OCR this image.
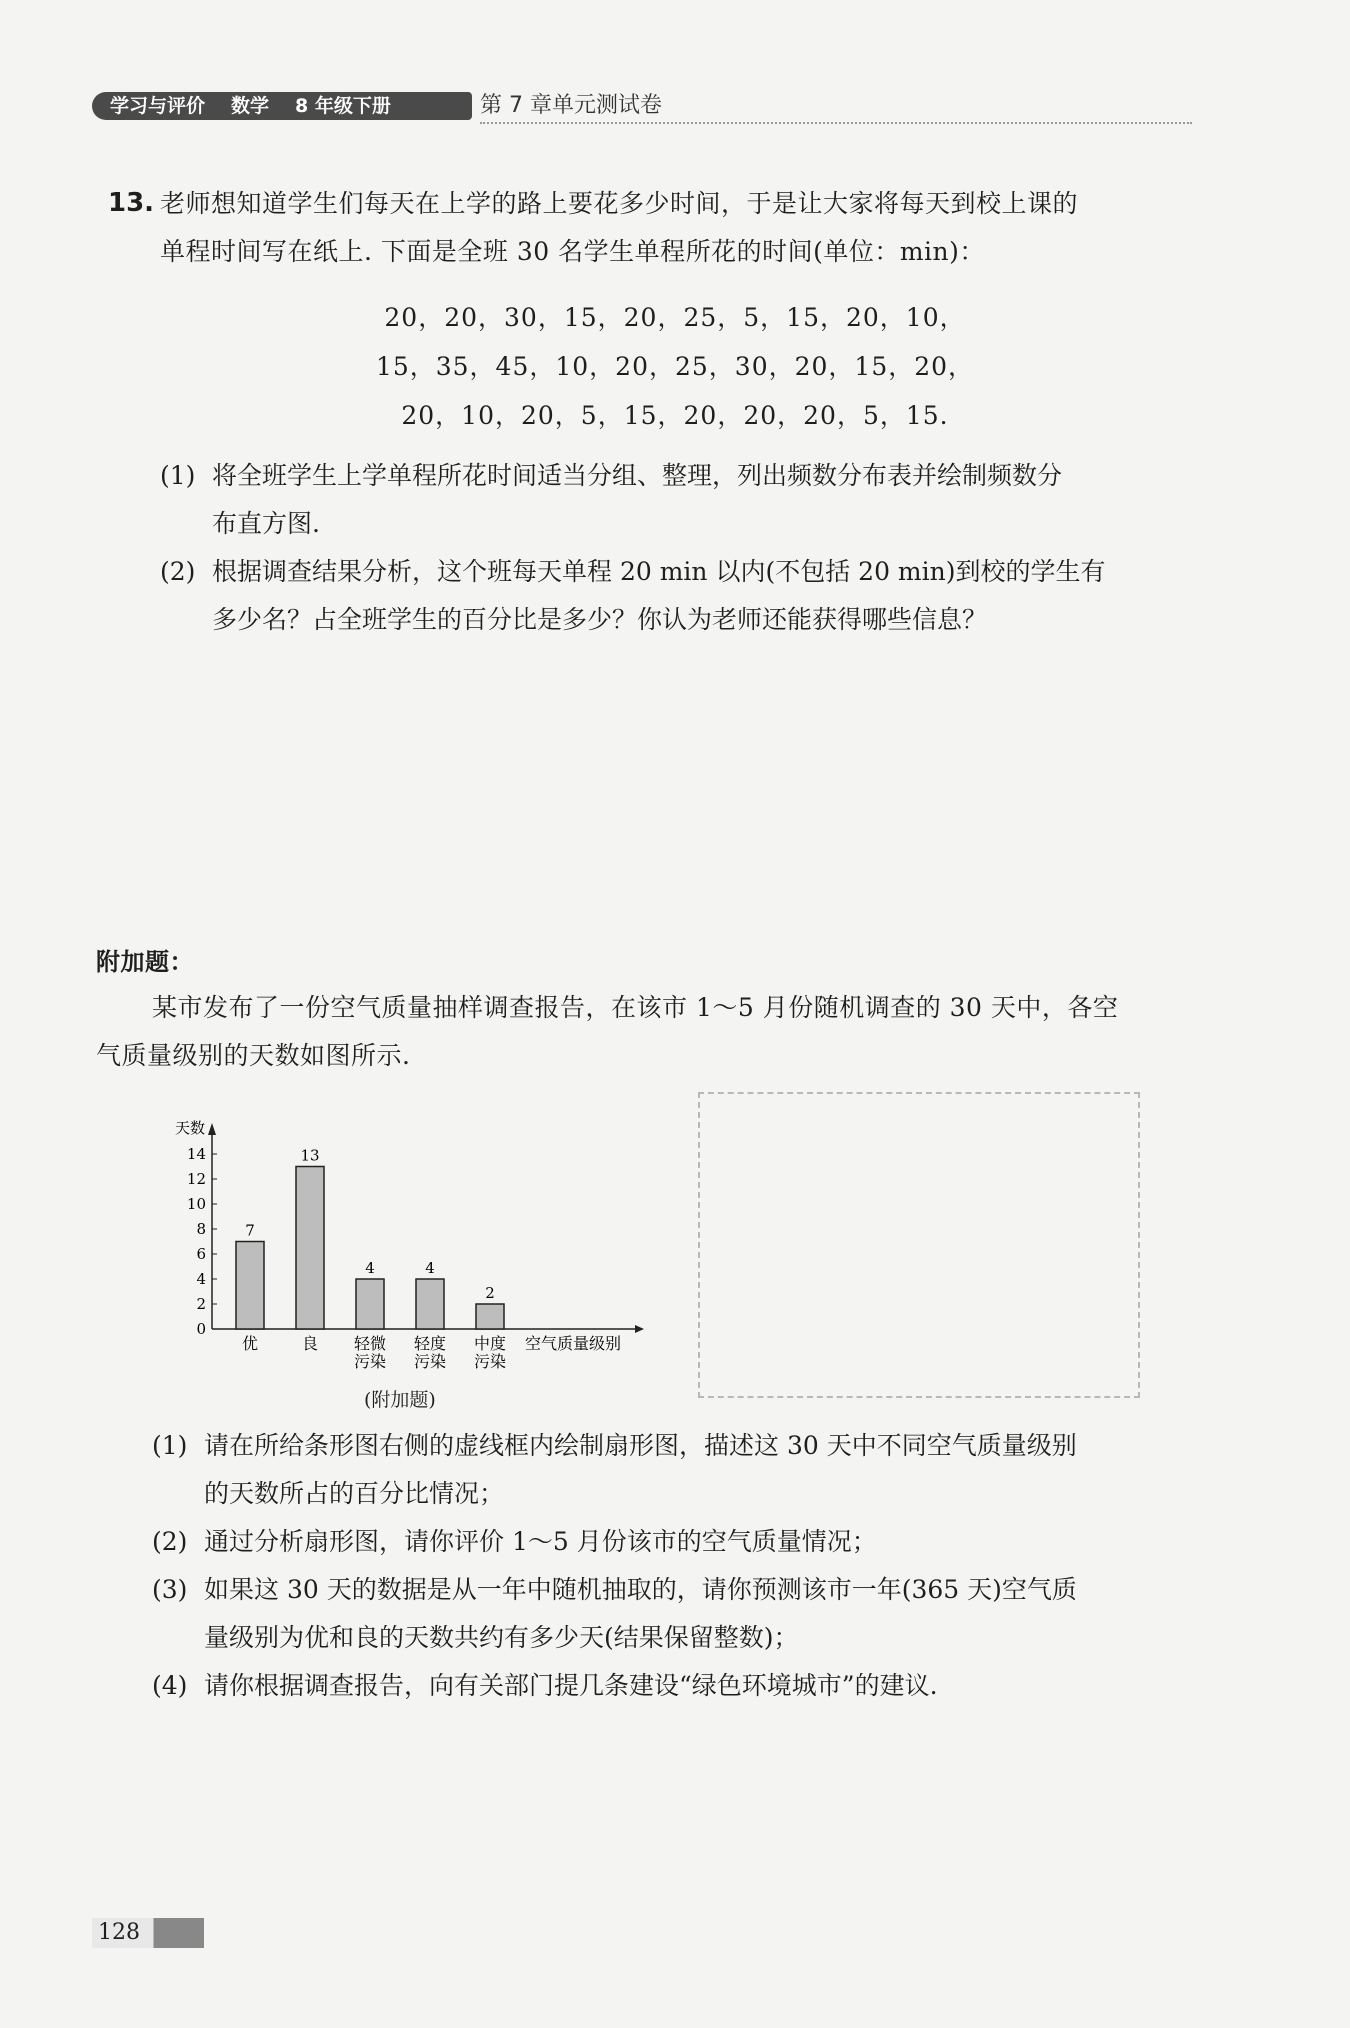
学习与评价 数学 8 年级下册	第 7 章单元测试卷
13. 老师想知道学生们每天在上学的路上要花多少时间，于是让大家将每天到校上课的
单程时间写在纸上. 下面是全班 30 名学生单程所花的时间(单位：min)：
20，20，30，15，20，25，5，15，20，10，
15，35，45，10，20，25，30，20，15，20，
20，10，20，5，15，20，20，20，5，15.
(1) 将全班学生上学单程所花时间适当分组、整理，列出频数分布表并绘制频数分
布直方图.
(2) 根据调查结果分析，这个班每天单程 20 min 以内(不包括 20 min)到校的学生有
多少名？占全班学生的百分比是多少？你认为老师还能获得哪些信息？
附加题：
某市发布了一份空气质量抽样调查报告，在该市 1～5 月份随机调查的 30 天中，各空
气质量级别的天数如图所示.
天数
0
2
4
6
8
10
12
14
7
优
13
良
4
轻微
污染
4
轻度
污染
2
中度
污染
空气质量级别
(附加题)
(1) 请在所给条形图右侧的虚线框内绘制扇形图，描述这 30 天中不同空气质量级别
的天数所占的百分比情况；
(2) 通过分析扇形图，请你评价 1～5 月份该市的空气质量情况；
(3) 如果这 30 天的数据是从一年中随机抽取的，请你预测该市一年(365 天)空气质
量级别为优和良的天数共约有多少天(结果保留整数)；
(4) 请你根据调查报告，向有关部门提几条建设“绿色环境城市”的建议.
128
